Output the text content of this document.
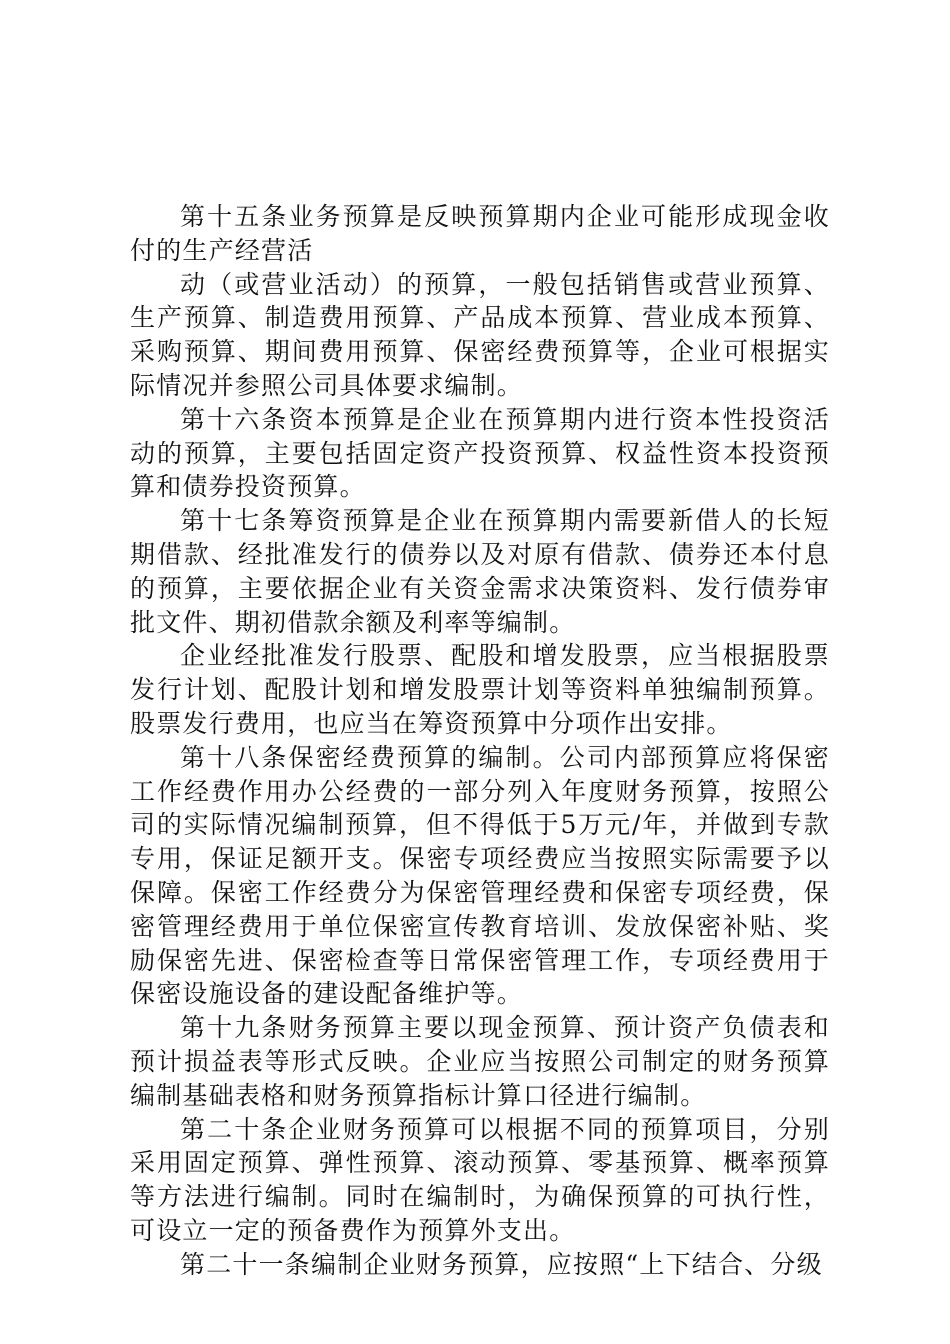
第十五条业务预算是反映预算期内企业可能形成现金收付的生产经营活

动（或营业活动）的预算，一般包括销售或营业预算、生产预算、制造费用预算、产品成本预算、营业成本预算、采购预算、期间费用预算、保密经费预算等，企业可根据实际情况并参照公司具体要求编制。

第十六条资本预算是企业在预算期内进行资本性投资活动的预算，主要包括固定资产投资预算、权益性资本投资预算和债券投资预算。

第十七条筹资预算是企业在预算期内需要新借人的长短期借款、经批准发行的债券以及对原有借款、债券还本付息的预算，主要依据企业有关资金需求决策资料、发行债券审批文件、期初借款余额及利率等编制。

企业经批准发行股票、配股和增发股票，应当根据股票发行计划、配股计划和增发股票计划等资料单独编制预算。股票发行费用，也应当在筹资预算中分项作出安排。

第十八条保密经费预算的编制。公司内部预算应将保密工作经费作用办公经费的一部分列入年度财务预算，按照公司的实际情况编制预算，但不得低于5万元/年，并做到专款专用，保证足额开支。保密专项经费应当按照实际需要予以保障。保密工作经费分为保密管理经费和保密专项经费，保密管理经费用于单位保密宣传教育培训、发放保密补贴、奖励保密先进、保密检查等日常保密管理工作，专项经费用于保密设施设备的建设配备维护等。

第十九条财务预算主要以现金预算、预计资产负债表和预计损益表等形式反映。企业应当按照公司制定的财务预算编制基础表格和财务预算指标计算口径进行编制。

第二十条企业财务预算可以根据不同的预算项目，分别采用固定预算、弹性预算、滚动预算、零基预算、概率预算等方法进行编制。同时在编制时，为确保预算的可执行性，可设立一定的预备费作为预算外支出。

第二十一条编制企业财务预算，应按照“上下结合、分级
